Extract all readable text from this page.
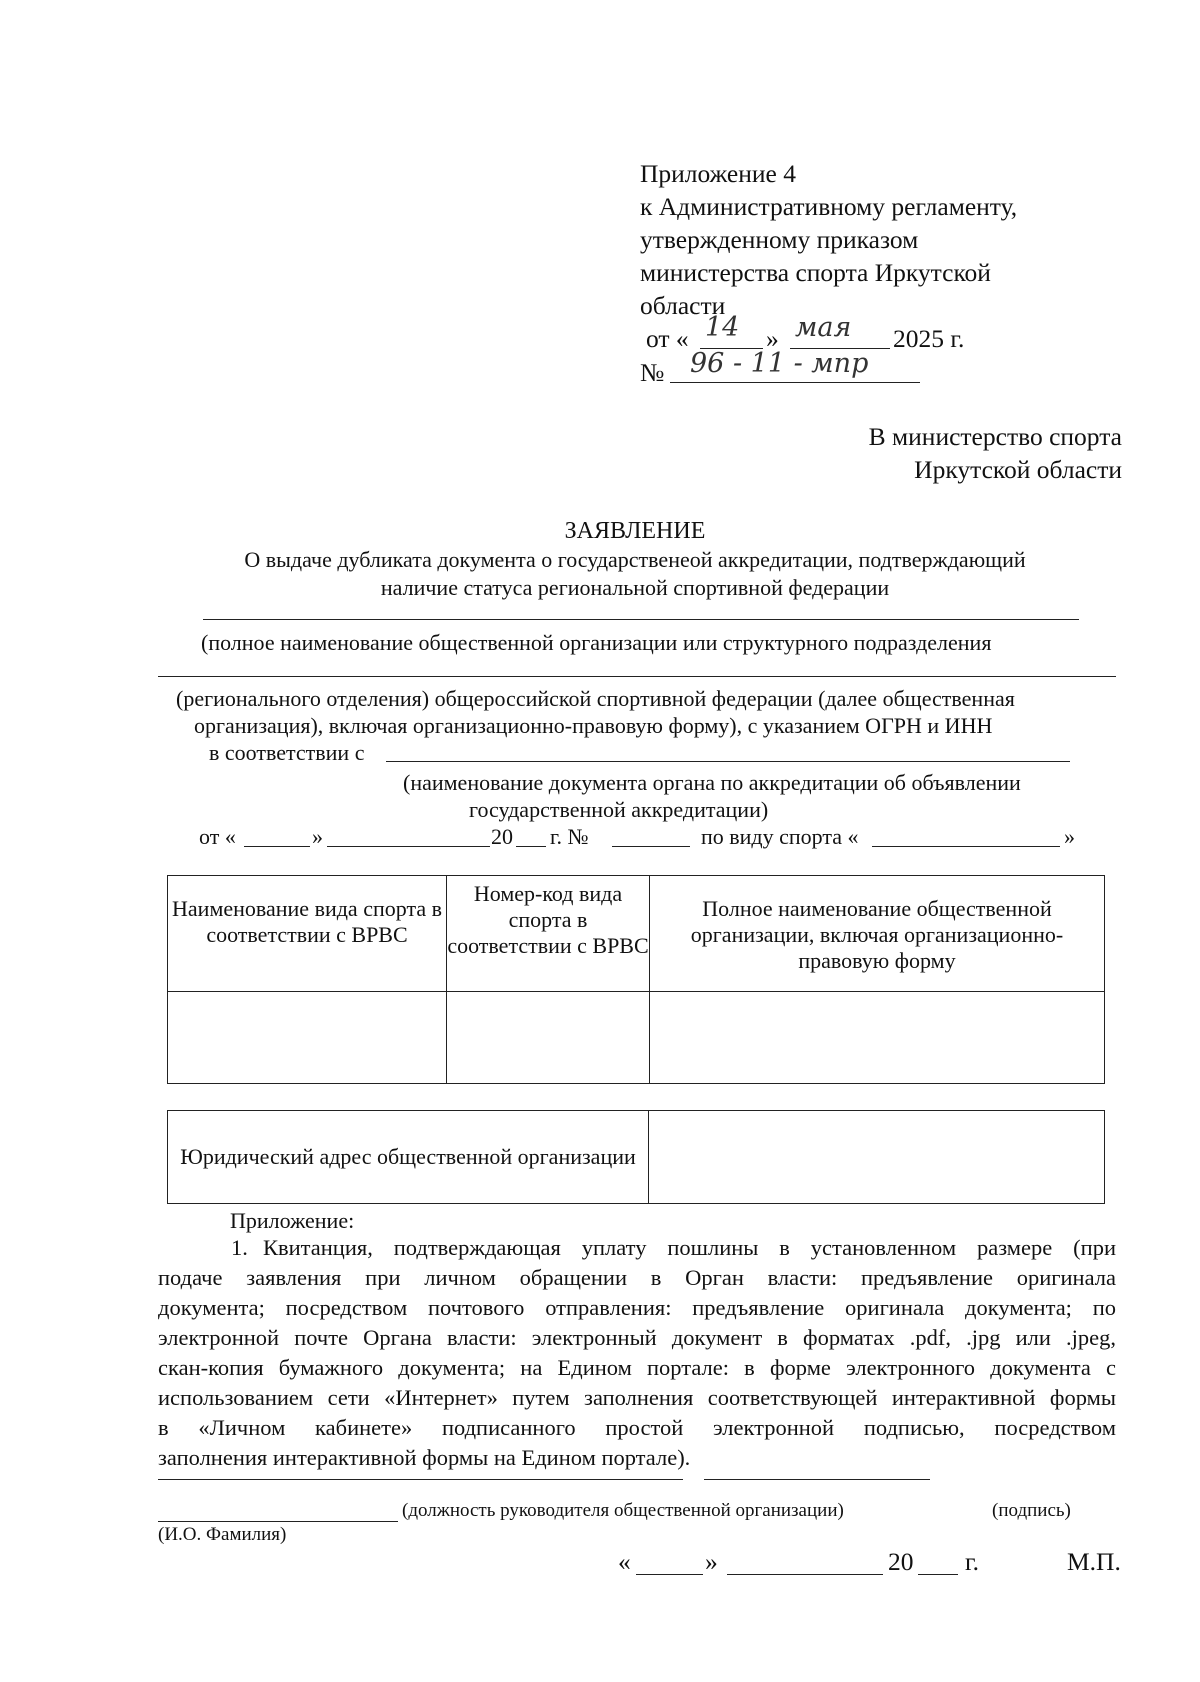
Приложение 4
к Административному регламенту,
утвержденному приказом
министерства спорта Иркутской
области
от « 14 » мая 2025 г.
№ 96 - 11 - мпр
В министерство спорта
Иркутской области
ЗАЯВЛЕНИЕ
О выдаче дубликата документа о государственеой аккредитации, подтверждающий
наличие статуса региональной спортивной федерации
(полное наименование общественной организации или структурного подразделения
(регионального отделения) общероссийской спортивной федерации (далее общественная
организация), включая организационно-правовую форму), с указанием ОГРН и ИНН
в соответствии с
(наименование документа органа по аккредитации об объявлении
государственной аккредитации)
от «	»	20 г. №	по виду спорта «	»
Наименование вида спорта в соответствии с ВРВС	Номер-код вида спорта в соответствии с ВРВС	Полное наименование общественной организации, включая организационно-правовую форму

Юридический адрес общественной организации	
Приложение:
1. Квитанция, подтверждающая уплату пошлины в установленном размере (при
подаче заявления при личном обращении в Орган власти: предъявление оригинала
документа; посредством почтового отправления: предъявление оригинала документа; по
электронной почте Органа власти: электронный документ в форматах .pdf, .jpg или .jpeg,
скан-копия бумажного документа; на Едином портале: в форме электронного документа с
использованием сети «Интернет» путем заполнения соответствующей интерактивной формы
в «Личном кабинете» подписанного простой электронной подписью, посредством
заполнения интерактивной формы на Едином портале).
(должность руководителя общественной организации)	(подпись)
(И.О. Фамилия)
«	»	20 г.	М.П.
